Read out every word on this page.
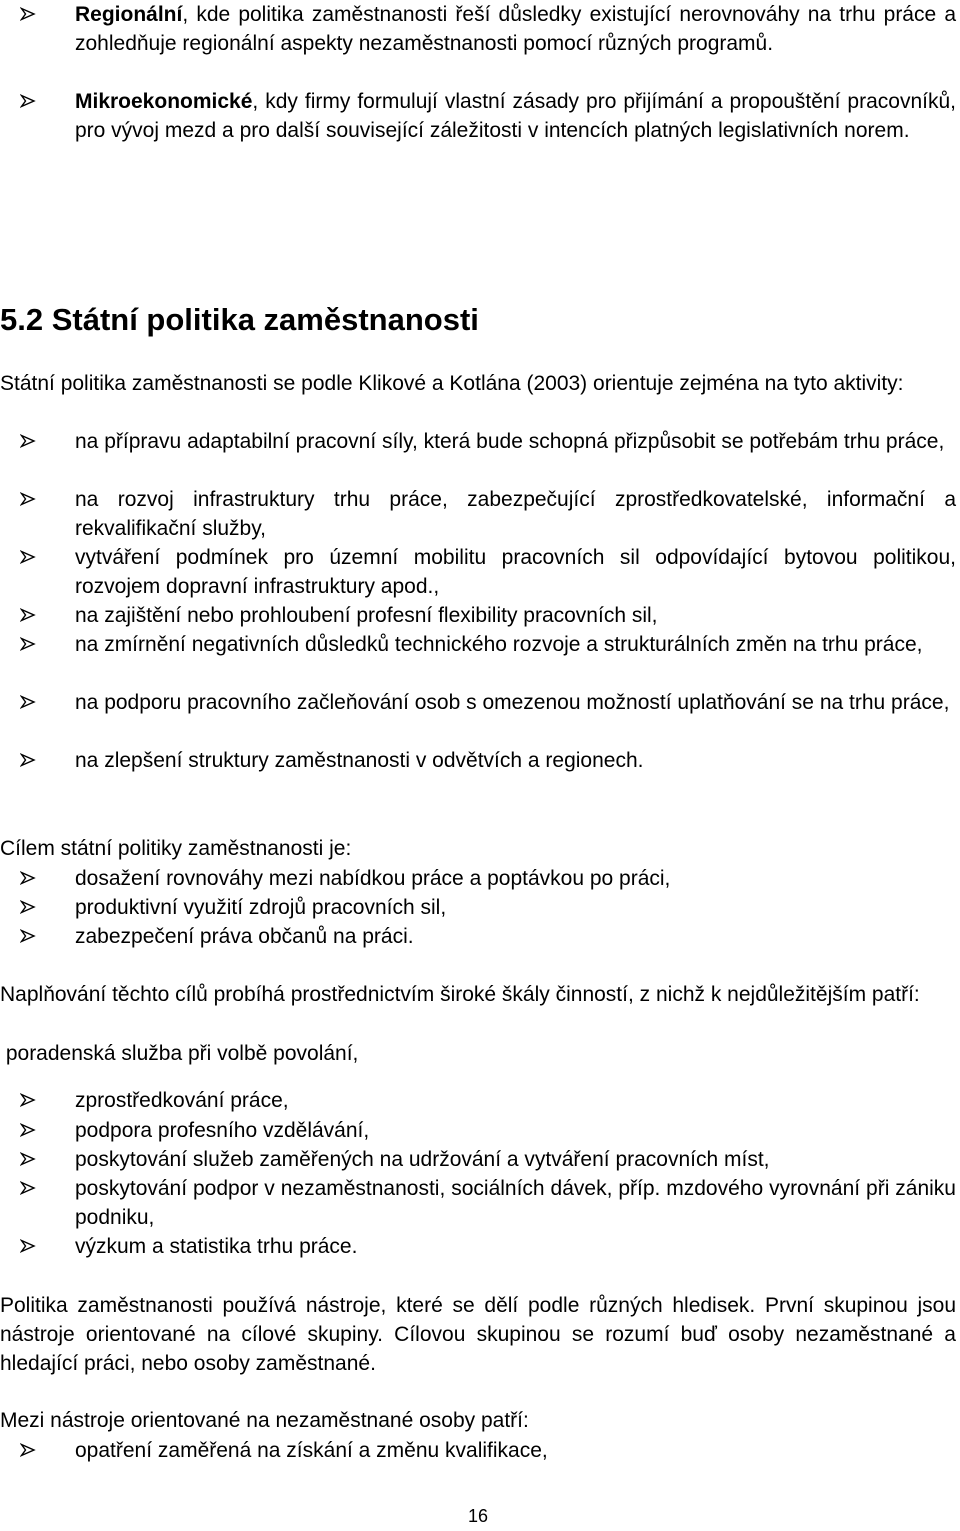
Regionální, kde politika zaměstnanosti řeší důsledky existující nerovnováhy na trhu práce a zohledňuje regionální aspekty nezaměstnanosti pomocí různých programů.
Mikroekonomické, kdy firmy formulují vlastní zásady pro přijímání a propouštění pracovníků, pro vývoj mezd a pro další související záležitosti v intencích platných legislativních norem.
5.2 Státní politika zaměstnanosti

Státní politika zaměstnanosti se podle Klikové a Kotlána (2003) orientuje zejména na tyto aktivity:

na přípravu adaptabilní pracovní síly, která bude schopná přizpůsobit se potřebám trhu práce,
na rozvoj infrastruktury trhu práce, zabezpečující zprostředkovatelské, informační a rekvalifikační služby,
vytváření podmínek pro územní mobilitu pracovních sil odpovídající bytovou politikou, rozvojem dopravní infrastruktury apod.,
na zajištění nebo prohloubení profesní flexibility pracovních sil,
na zmírnění negativních důsledků technického rozvoje a strukturálních změn na trhu práce,
na podporu pracovního začleňování osob s omezenou možností uplatňování se na trhu práce,
na zlepšení struktury zaměstnanosti v odvětvích a regionech.

Cílem státní politiky zaměstnanosti je:

dosažení rovnováhy mezi nabídkou práce a poptávkou po práci,
produktivní využití zdrojů pracovních sil,
zabezpečení práva občanů na práci.

Naplňování těchto cílů probíhá prostřednictvím široké škály činností, z nichž k nejdůležitějším patří:

poradenská služba při volbě povolání,

zprostředkování práce,
podpora profesního vzdělávání,
poskytování služeb zaměřených na udržování a vytváření pracovních míst,
poskytování podpor v nezaměstnanosti, sociálních dávek, příp. mzdového vyrovnání při zániku podniku,
výzkum a statistika trhu práce.

Politika zaměstnanosti používá nástroje, které se dělí podle různých hledisek. První skupinou jsou nástroje orientované na cílové skupiny. Cílovou skupinou se rozumí buď osoby nezaměstnané a hledající práci, nebo osoby zaměstnané.

Mezi nástroje orientované na nezaměstnané osoby patří:

opatření zaměřená na získání a změnu kvalifikace,
16
